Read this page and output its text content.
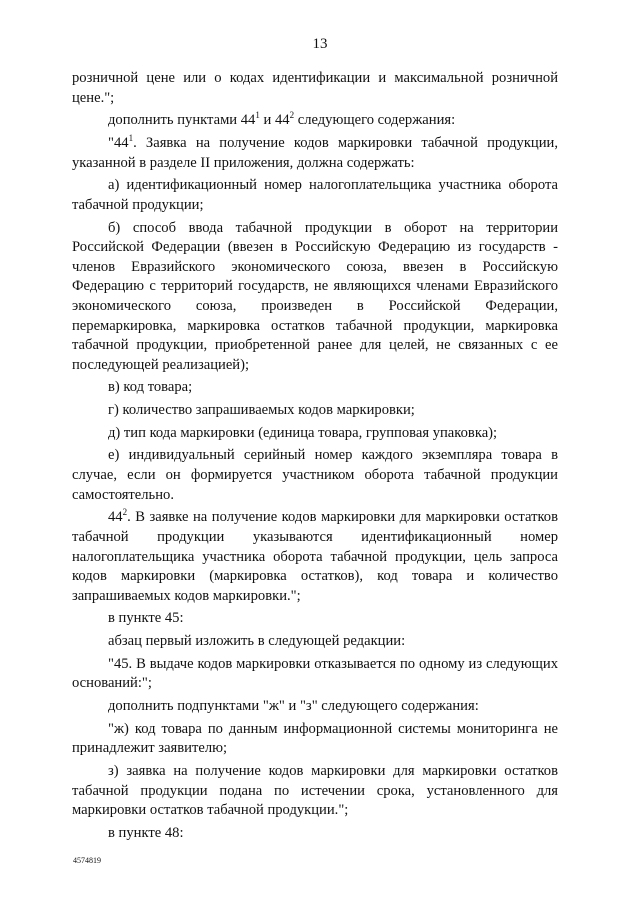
13

розничной цене или о кодах идентификации и максимальной розничной цене.";

дополнить пунктами $44^1$ и $44^2$ следующего содержания:

"$44^1$. Заявка на получение кодов маркировки табачной продукции, указанной в разделе II приложения, должна содержать:

а) идентификационный номер налогоплательщика участника оборота табачной продукции;

б) способ ввода табачной продукции в оборот на территории Российской Федерации (ввезен в Российскую Федерацию из государств - членов Евразийского экономического союза, ввезен в Российскую Федерацию с территорий государств, не являющихся членами Евразийского экономического союза, произведен в Российской Федерации, перемаркировка, маркировка остатков табачной продукции, маркировка табачной продукции, приобретенной ранее для целей, не связанных с ее последующей реализацией);

в) код товара;

г) количество запрашиваемых кодов маркировки;

д) тип кода маркировки (единица товара, групповая упаковка);

е) индивидуальный серийный номер каждого экземпляра товара в случае, если он формируется участником оборота табачной продукции самостоятельно.

$44^2$. В заявке на получение кодов маркировки для маркировки остатков табачной продукции указываются идентификационный номер налогоплательщика участника оборота табачной продукции, цель запроса кодов маркировки (маркировка остатков), код товара и количество запрашиваемых кодов маркировки.";

в пункте 45:

абзац первый изложить в следующей редакции:

"45. В выдаче кодов маркировки отказывается по одному из следующих оснований:";

дополнить подпунктами "ж" и "з" следующего содержания:

"ж) код товара по данным информационной системы мониторинга не принадлежит заявителю;

з) заявка на получение кодов маркировки для маркировки остатков табачной продукции подана по истечении срока, установленного для маркировки остатков табачной продукции.";

в пункте 48:

4574819
